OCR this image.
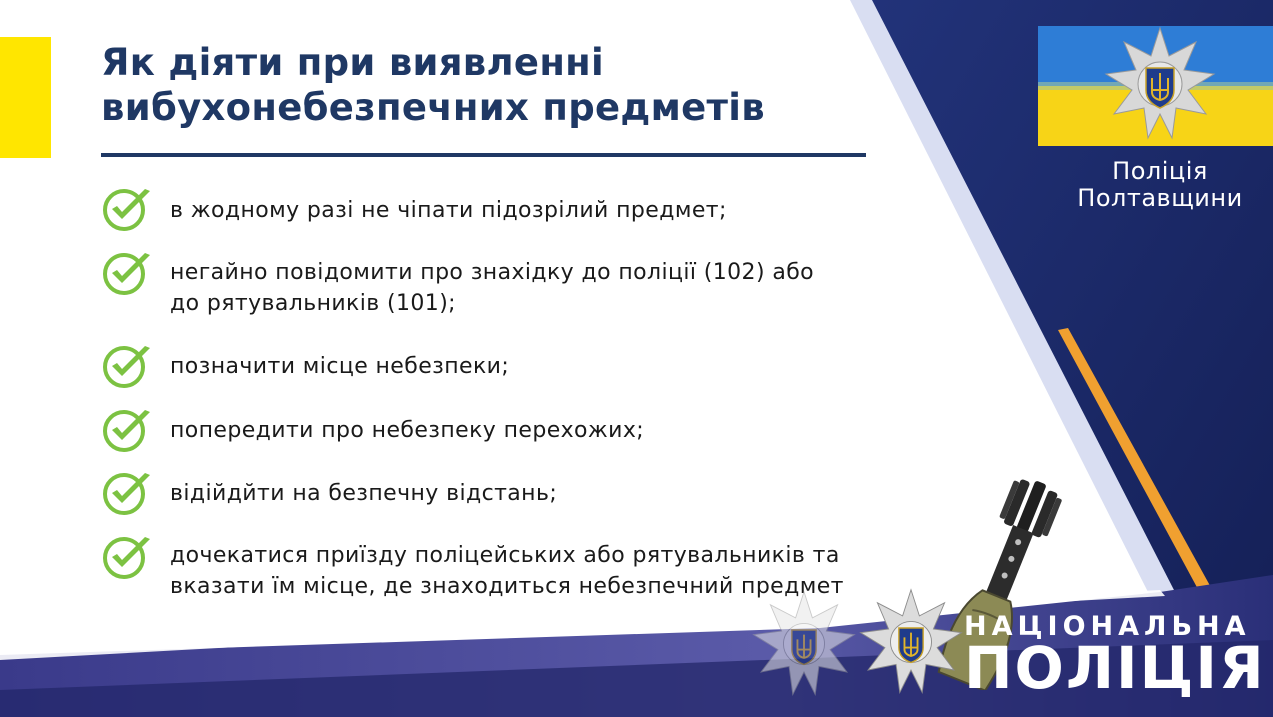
Як діяти при виявленні
вибухонебезпечних предметів
в жодному разі не чіпати підозрілий предмет;
негайно повідомити про знахідку до поліції (102) або
до рятувальників (101);
позначити місце небезпеки;
попередити про небезпеку перехожих;
відійдйти на безпечну відстань;
дочекатися приїзду поліцейських або рятувальників та
вказати їм місце, де знаходиться небезпечний предмет
Поліція
Полтавщини
НАЦІОНАЛЬНА
ПОЛІЦІЯ
